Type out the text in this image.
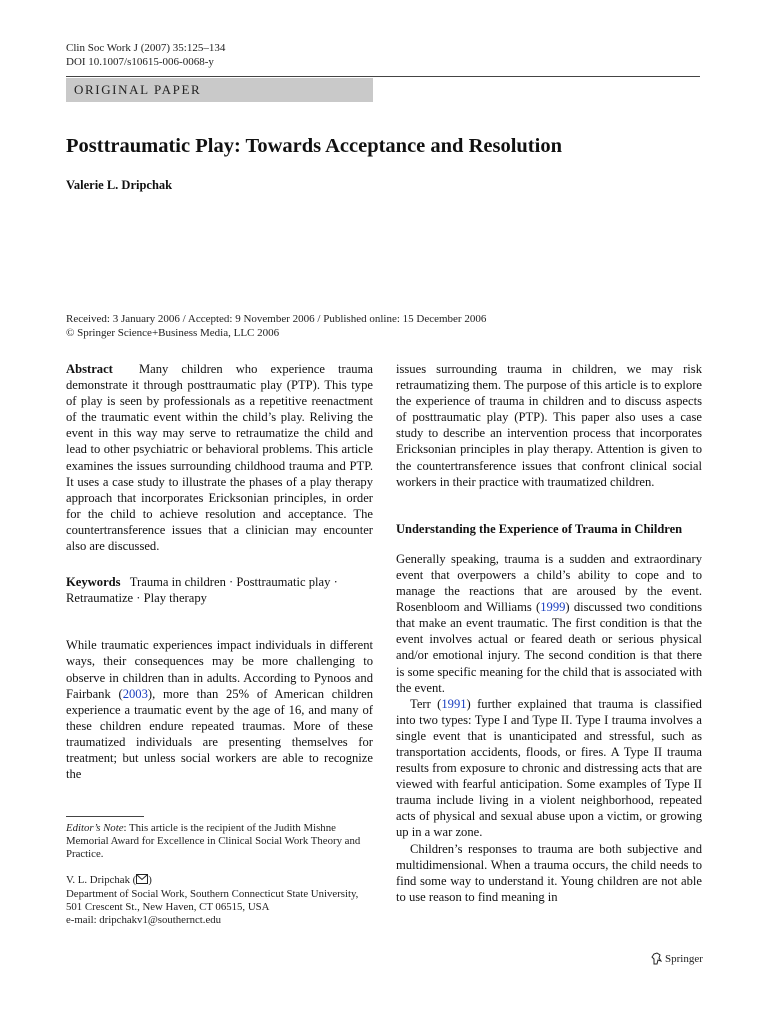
Clin Soc Work J (2007) 35:125–134
DOI 10.1007/s10615-006-0068-y
ORIGINAL PAPER
Posttraumatic Play: Towards Acceptance and Resolution
Valerie L. Dripchak
Received: 3 January 2006 / Accepted: 9 November 2006 / Published online: 15 December 2006
© Springer Science+Business Media, LLC 2006

Abstract Many children who experience trauma demonstrate it through posttraumatic play (PTP). This type of play is seen by professionals as a repetitive reenactment of the traumatic event within the child’s play. Reliving the event in this way may serve to retraumatize the child and lead to other psychiatric or behavioral problems. This article examines the issues surrounding childhood trauma and PTP. It uses a case study to illustrate the phases of a play therapy approach that incorporates Ericksonian principles, in order for the child to achieve resolution and acceptance. The countertransference issues that a clinician may encounter also are discussed.

Keywords Trauma in children · Posttraumatic play · Retraumatize · Play therapy

While traumatic experiences impact individuals in different ways, their consequences may be more challenging to observe in children than in adults. According to Pynoos and Fairbank (2003), more than 25% of American children experience a traumatic event by the age of 16, and many of these children endure repeated traumas. More of these traumatized individuals are presenting themselves for treatment; but unless social workers are able to recognize the

issues surrounding trauma in children, we may risk retraumatizing them. The purpose of this article is to explore the experience of trauma in children and to discuss aspects of posttraumatic play (PTP). This paper also uses a case study to describe an intervention process that incorporates Ericksonian principles in play therapy. Attention is given to the countertransference issues that confront clinical social workers in their practice with traumatized children.

Understanding the Experience of Trauma in Children

Generally speaking, trauma is a sudden and extraordinary event that overpowers a child’s ability to cope and to manage the reactions that are aroused by the event. Rosenbloom and Williams (1999) discussed two conditions that make an event traumatic. The first condition is that the event involves actual or feared death or serious physical and/or emotional injury. The second condition is that there is some specific meaning for the child that is associated with the event.

Terr (1991) further explained that trauma is classified into two types: Type I and Type II. Type I trauma involves a single event that is unanticipated and stressful, such as transportation accidents, floods, or fires. A Type II trauma results from exposure to chronic and distressing acts that are viewed with fearful anticipation. Some examples of Type II trauma include living in a violent neighborhood, repeated acts of physical and sexual abuse upon a victim, or growing up in a war zone.

Children’s responses to trauma are both subjective and multidimensional. When a trauma occurs, the child needs to find some way to understand it. Young children are not able to use reason to find meaning in

Editor’s Note: This article is the recipient of the Judith Mishne Memorial Award for Excellence in Clinical Social Work Theory and Practice.
V. L. Dripchak ( )
Department of Social Work, Southern Connecticut State University, 501 Crescent St., New Haven, CT 06515, USA
e-mail: dripchakv1@southernct.edu
Springer
